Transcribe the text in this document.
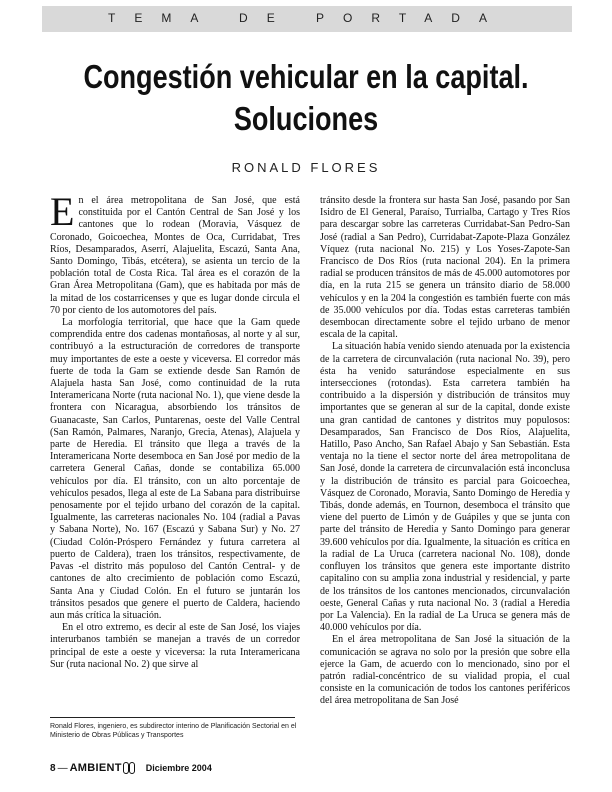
TEMA DE PORTADA
Congestión vehicular en la capital.
Soluciones
RONALD FLORES

En el área metropolitana de San José, que está constituida por el Cantón Central de San José y los cantones que lo rodean (Moravia, Vásquez de Coronado, Goicoechea, Montes de Oca, Curridabat, Tres Ríos, Desamparados, Aserrí, Alajuelita, Escazú, Santa Ana, Santo Domingo, Tibás, etcétera), se asienta un tercio de la población total de Costa Rica. Tal área es el corazón de la Gran Área Metropolitana (Gam), que es habitada por más de la mitad de los costarricenses y que es lugar donde circula el 70 por ciento de los automotores del país.

La morfología territorial, que hace que la Gam quede comprendida entre dos cadenas montañosas, al norte y al sur, contribuyó a la estructuración de corredores de transporte muy importantes de este a oeste y viceversa. El corredor más fuerte de toda la Gam se extiende desde San Ramón de Alajuela hasta San José, como continuidad de la ruta Interamericana Norte (ruta nacional No. 1), que viene desde la frontera con Nicaragua, absorbiendo los tránsitos de Guanacaste, San Carlos, Puntarenas, oeste del Valle Central (San Ramón, Palmares, Naranjo, Grecia, Atenas), Alajuela y parte de Heredia. El tránsito que llega a través de la Interamericana Norte desemboca en San José por medio de la carretera General Cañas, donde se contabiliza 65.000 vehículos por día. El tránsito, con un alto porcentaje de vehículos pesados, llega al este de La Sabana para distribuirse penosamente por el tejido urbano del corazón de la capital. Igualmente, las carreteras nacionales No. 104 (radial a Pavas y Sabana Norte), No. 167 (Escazú y Sabana Sur) y No. 27 (Ciudad Colón-Próspero Fernández y futura carretera al puerto de Caldera), traen los tránsitos, respectivamente, de Pavas -el distrito más populoso del Cantón Central- y de cantones de alto crecimiento de población como Escazú, Santa Ana y Ciudad Colón. En el futuro se juntarán los tránsitos pesados que genere el puerto de Caldera, haciendo aun más crítica la situación.

En el otro extremo, es decir al este de San José, los viajes interurbanos también se manejan a través de un corredor principal de este a oeste y viceversa: la ruta Interamericana Sur (ruta nacional No. 2) que sirve al

tránsito desde la frontera sur hasta San José, pasando por San Isidro de El General, Paraíso, Turrialba, Cartago y Tres Ríos para descargar sobre las carreteras Curridabat-San Pedro-San José (radial a San Pedro), Curridabat-Zapote-Plaza González Víquez (ruta nacional No. 215) y Los Yoses-Zapote-San Francisco de Dos Ríos (ruta nacional 204). En la primera radial se producen tránsitos de más de 45.000 automotores por día, en la ruta 215 se genera un tránsito diario de 58.000 vehículos y en la 204 la congestión es también fuerte con más de 35.000 vehículos por día. Todas estas carreteras también desembocan directamente sobre el tejido urbano de menor escala de la capital.

La situación había venido siendo atenuada por la existencia de la carretera de circunvalación (ruta nacional No. 39), pero ésta ha venido saturándose especialmente en sus intersecciones (rotondas). Esta carretera también ha contribuido a la dispersión y distribución de tránsitos muy importantes que se generan al sur de la capital, donde existe una gran cantidad de cantones y distritos muy populosos: Desamparados, San Francisco de Dos Ríos, Alajuelita, Hatillo, Paso Ancho, San Rafael Abajo y San Sebastián. Esta ventaja no la tiene el sector norte del área metropolitana de San José, donde la carretera de circunvalación está inconclusa y la distribución de tránsito es parcial para Goicoechea, Vásquez de Coronado, Moravia, Santo Domingo de Heredia y Tibás, donde además, en Tournon, desemboca el tránsito que viene del puerto de Limón y de Guápiles y que se junta con parte del tránsito de Heredia y Santo Domingo para generar 39.600 vehículos por día. Igualmente, la situación es crítica en la radial de La Uruca (carretera nacional No. 108), donde confluyen los tránsitos que genera este importante distrito capitalino con su amplia zona industrial y residencial, y parte de los tránsitos de los cantones mencionados, circunvalación oeste, General Cañas y ruta nacional No. 3 (radial a Heredia por La Valencia). En la radial de La Uruca se genera más de 40.000 vehículos por día.

En el área metropolitana de San José la situación de la comunicación se agrava no solo por la presión que sobre ella ejerce la Gam, de acuerdo con lo mencionado, sino por el patrón radial-concéntrico de su vialidad propia, el cual consiste en la comunicación de todos los cantones periféricos del área metropolitana de San José

Ronald Flores, ingeniero, es subdirector interino de Planificación Sectorial en el Ministerio de Obras Públicas y Transportes
8 — AMBIENT	Diciembre 2004
